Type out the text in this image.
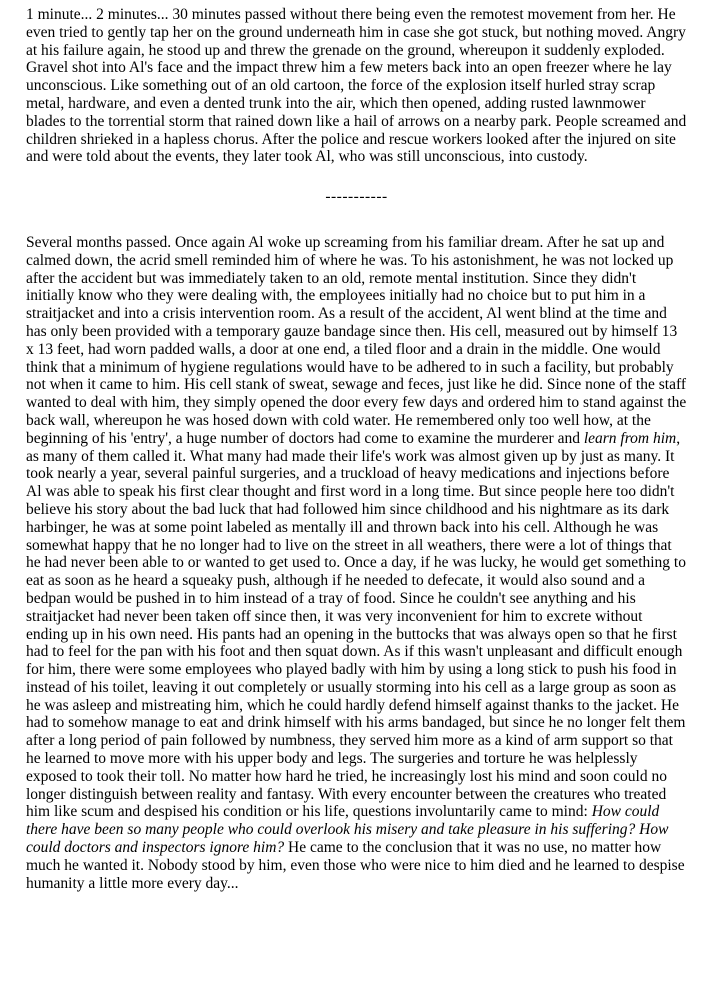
1 minute... 2 minutes... 30 minutes passed without there being even the remotest movement from her. He even tried to gently tap her on the ground underneath him in case she got stuck, but nothing moved. Angry at his failure again, he stood up and threw the grenade on the ground, whereupon it suddenly exploded. Gravel shot into Al's face and the impact threw him a few meters back into an open freezer where he lay unconscious. Like something out of an old cartoon, the force of the explosion itself hurled stray scrap metal, hardware, and even a dented trunk into the air, which then opened, adding rusted lawnmower blades to the torrential storm that rained down like a hail of arrows on a nearby park. People screamed and children shrieked in a hapless chorus. After the police and rescue workers looked after the injured on site and were told about the events, they later took Al, who was still unconscious, into custody.

-----------

Several months passed. Once again Al woke up screaming from his familiar dream. After he sat up and calmed down, the acrid smell reminded him of where he was. To his astonishment, he was not locked up after the accident but was immediately taken to an old, remote mental institution. Since they didn't initially know who they were dealing with, the employees initially had no choice but to put him in a straitjacket and into a crisis intervention room. As a result of the accident, Al went blind at the time and has only been provided with a temporary gauze bandage since then. His cell, measured out by himself 13 x 13 feet, had worn padded walls, a door at one end, a tiled floor and a drain in the middle. One would think that a minimum of hygiene regulations would have to be adhered to in such a facility, but probably not when it came to him. His cell stank of sweat, sewage and feces, just like he did. Since none of the staff wanted to deal with him, they simply opened the door every few days and ordered him to stand against the back wall, whereupon he was hosed down with cold water. He remembered only too well how, at the beginning of his 'entry', a huge number of doctors had come to examine the murderer and learn from him, as many of them called it. What many had made their life's work was almost given up by just as many. It took nearly a year, several painful surgeries, and a truckload of heavy medications and injections before Al was able to speak his first clear thought and first word in a long time. But since people here too didn't believe his story about the bad luck that had followed him since childhood and his nightmare as its dark harbinger, he was at some point labeled as mentally ill and thrown back into his cell. Although he was somewhat happy that he no longer had to live on the street in all weathers, there were a lot of things that he had never been able to or wanted to get used to. Once a day, if he was lucky, he would get something to eat as soon as he heard a squeaky push, although if he needed to defecate, it would also sound and a bedpan would be pushed in to him instead of a tray of food. Since he couldn't see anything and his straitjacket had never been taken off since then, it was very inconvenient for him to excrete without ending up in his own need. His pants had an opening in the buttocks that was always open so that he first had to feel for the pan with his foot and then squat down. As if this wasn't unpleasant and difficult enough for him, there were some employees who played badly with him by using a long stick to push his food in instead of his toilet, leaving it out completely or usually storming into his cell as a large group as soon as he was asleep and mistreating him, which he could hardly defend himself against thanks to the jacket. He had to somehow manage to eat and drink himself with his arms bandaged, but since he no longer felt them after a long period of pain followed by numbness, they served him more as a kind of arm support so that he learned to move more with his upper body and legs. The surgeries and torture he was helplessly exposed to took their toll. No matter how hard he tried, he increasingly lost his mind and soon could no longer distinguish between reality and fantasy. With every encounter between the creatures who treated him like scum and despised his condition or his life, questions involuntarily came to mind: How could there have been so many people who could overlook his misery and take pleasure in his suffering? How could doctors and inspectors ignore him? He came to the conclusion that it was no use, no matter how much he wanted it. Nobody stood by him, even those who were nice to him died and he learned to despise humanity a little more every day...
